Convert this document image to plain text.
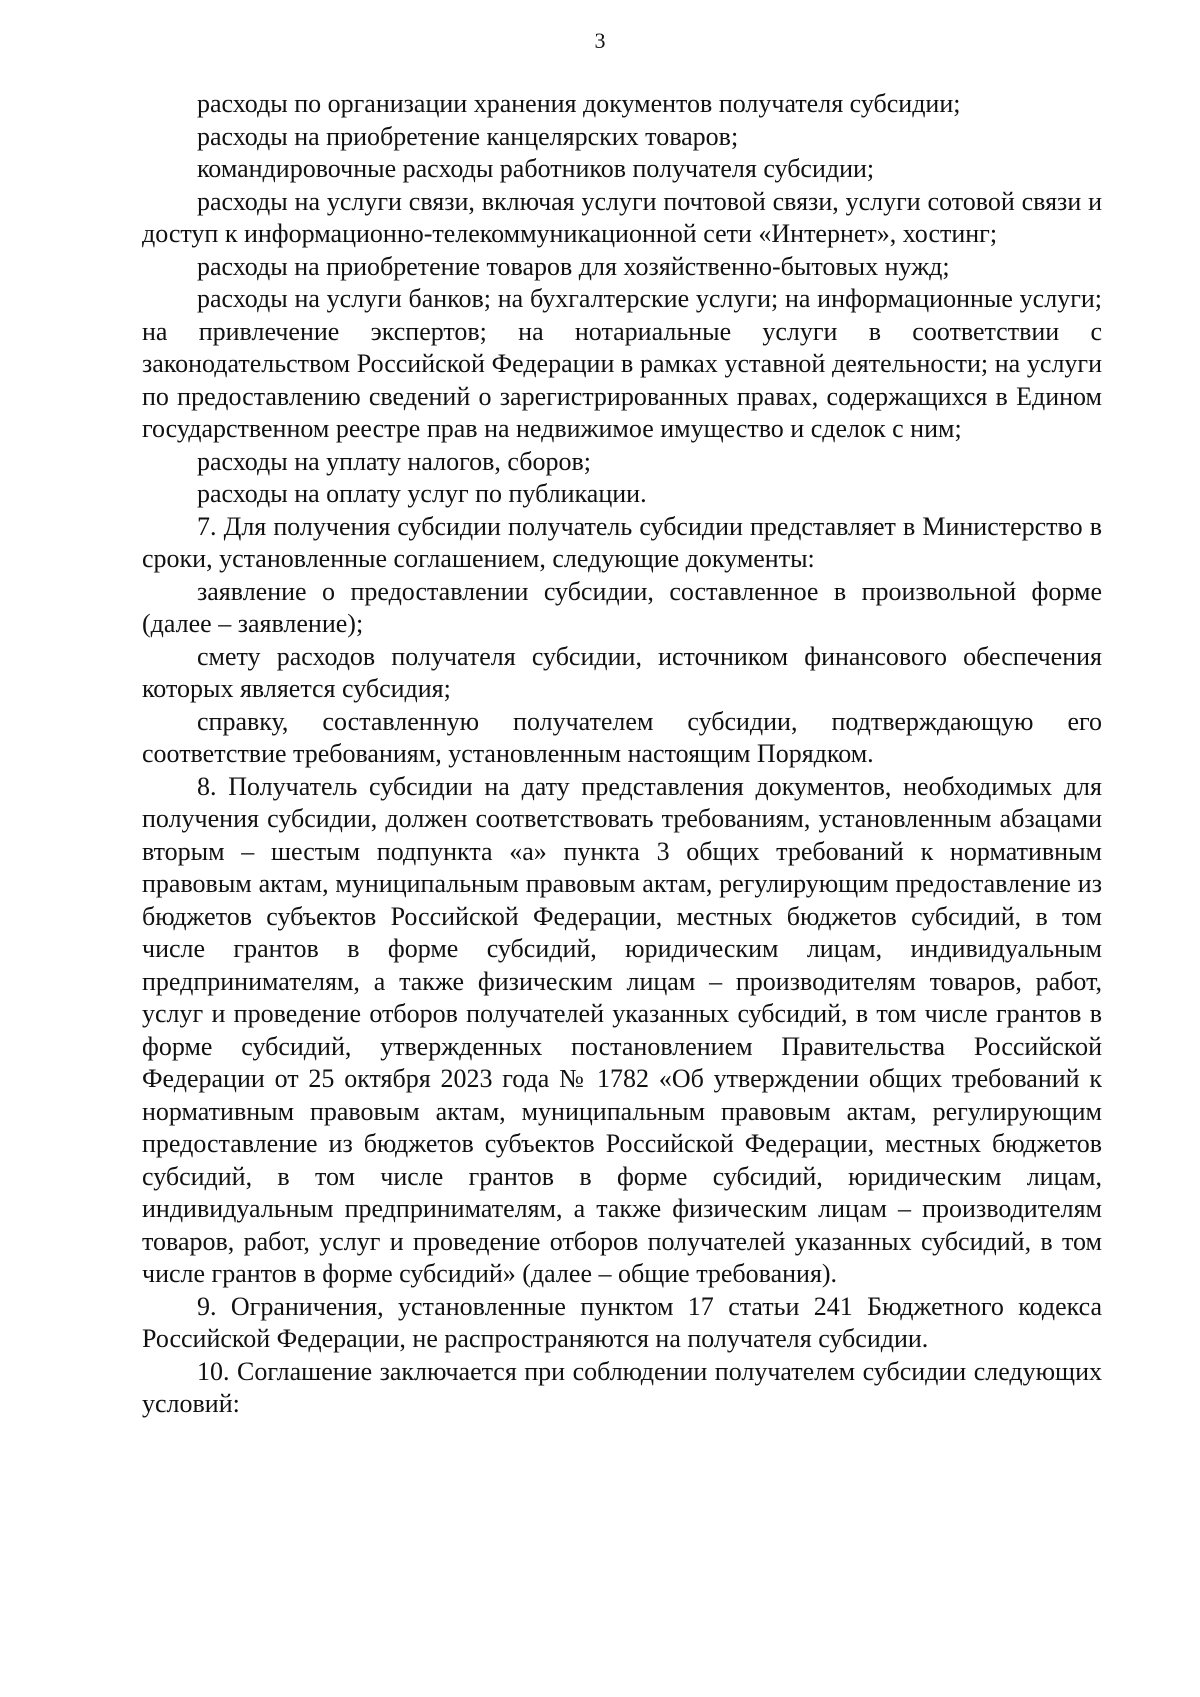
3

расходы по организации хранения документов получателя субсидии;

расходы на приобретение канцелярских товаров;

командировочные расходы работников получателя субсидии;

расходы на услуги связи, включая услуги почтовой связи, услуги сотовой связи и доступ к информационно-телекоммуникационной сети «Интернет», хостинг;

расходы на приобретение товаров для хозяйственно-бытовых нужд;

расходы на услуги банков; на бухгалтерские услуги; на информационные услуги; на привлечение экспертов; на нотариальные услуги в соответствии с законодательством Российской Федерации в рамках уставной деятельности; на услуги по предоставлению сведений о зарегистрированных правах, содержащихся в Едином государственном реестре прав на недвижимое имущество и сделок с ним;

расходы на уплату налогов, сборов;

расходы на оплату услуг по публикации.

7. Для получения субсидии получатель субсидии представляет в Министерство в сроки, установленные соглашением, следующие документы:

заявление о предоставлении субсидии, составленное в произвольной форме (далее – заявление);

смету расходов получателя субсидии, источником финансового обеспечения которых является субсидия;

справку, составленную получателем субсидии, подтверждающую его соответствие требованиям, установленным настоящим Порядком.

8. Получатель субсидии на дату представления документов, необходимых для получения субсидии, должен соответствовать требованиям, установленным абзацами вторым – шестым подпункта «а» пункта 3 общих требований к нормативным правовым актам, муниципальным правовым актам, регулирующим предоставление из бюджетов субъектов Российской Федерации, местных бюджетов субсидий, в том числе грантов в форме субсидий, юридическим лицам, индивидуальным предпринимателям, а также физическим лицам – производителям товаров, работ, услуг и проведение отборов получателей указанных субсидий, в том числе грантов в форме субсидий, утвержденных постановлением Правительства Российской Федерации от 25 октября 2023 года № 1782 «Об утверждении общих требований к нормативным правовым актам, муниципальным правовым актам, регулирующим предоставление из бюджетов субъектов Российской Федерации, местных бюджетов субсидий, в том числе грантов в форме субсидий, юридическим лицам, индивидуальным предпринимателям, а также физическим лицам – производителям товаров, работ, услуг и проведение отборов получателей указанных субсидий, в том числе грантов в форме субсидий» (далее – общие требования).

9. Ограничения, установленные пунктом 17 статьи 241 Бюджетного кодекса Российской Федерации, не распространяются на получателя субсидии.

10. Соглашение заключается при соблюдении получателем субсидии следующих условий:
